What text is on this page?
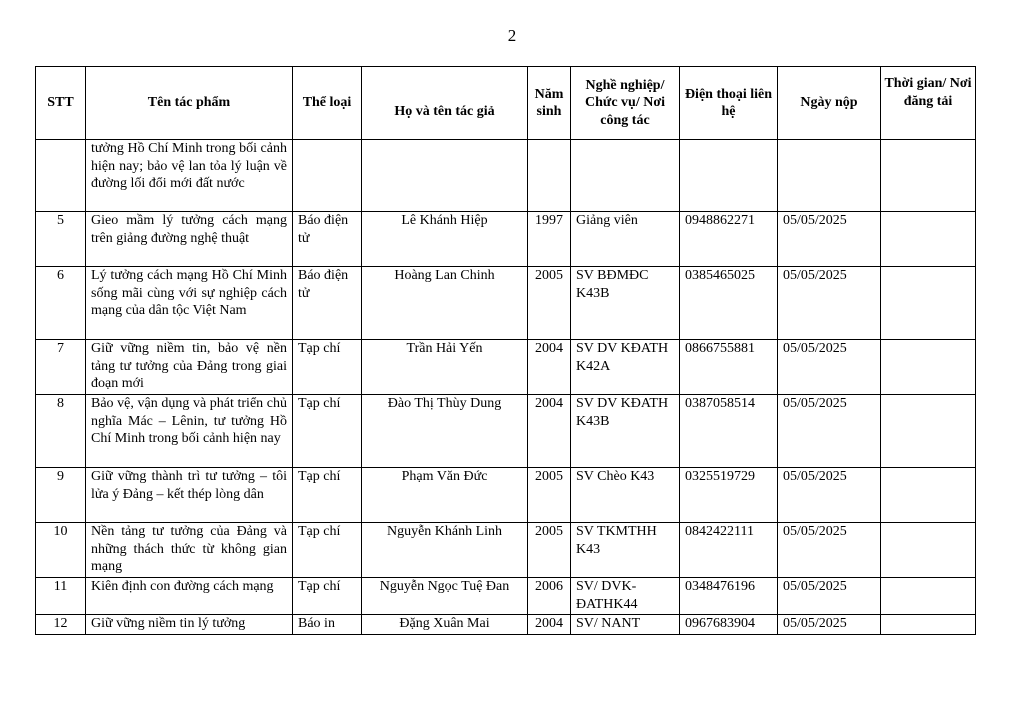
2
STT	Tên tác phẩm	Thể loại	Họ và tên tác giả	Năm sinh	Nghề nghiệp/ Chức vụ/ Nơi công tác	Điện thoại liên hệ	Ngày nộp	Thời gian/ Nơi đăng tải
	tưởng Hồ Chí Minh trong bối cảnh hiện nay; bảo vệ lan tỏa lý luận về đường lối đổi mới đất nước							
5	Gieo mầm lý tưởng cách mạng trên giảng đường nghệ thuật	Báo điện tử	Lê Khánh Hiệp	1997	Giảng viên	0948862271	05/05/2025	
6	Lý tưởng cách mạng Hồ Chí Minh sống mãi cùng với sự nghiệp cách mạng của dân tộc Việt Nam	Báo điện tử	Hoàng Lan Chinh	2005	SV BĐMĐC K43B	0385465025	05/05/2025	
7	Giữ vững niềm tin, bảo vệ nền tảng tư tưởng của Đảng trong giai đoạn mới	Tạp chí	Trần Hải Yến	2004	SV DV KĐATH K42A	0866755881	05/05/2025	
8	Bảo vệ, vận dụng và phát triển chủ nghĩa Mác – Lênin, tư tưởng Hồ Chí Minh trong bối cảnh hiện nay	Tạp chí	Đào Thị Thùy Dung	2004	SV DV KĐATH K43B	0387058514	05/05/2025	
9	Giữ vững thành trì tư tưởng – tôi lửa ý Đảng – kết thép lòng dân	Tạp chí	Phạm Văn Đức	2005	SV Chèo K43	0325519729	05/05/2025	
10	Nền tảng tư tưởng của Đảng và những thách thức từ không gian mạng	Tạp chí	Nguyễn Khánh Linh	2005	SV TKMTHH K43	0842422111	05/05/2025	
11	Kiên định con đường cách mạng	Tạp chí	Nguyễn Ngọc Tuệ Đan	2006	SV/ DVK-ĐATHK44	0348476196	05/05/2025	
12	Giữ vững niềm tin lý tưởng	Báo in	Đặng Xuân Mai	2004	SV/ NANT	0967683904	05/05/2025	
